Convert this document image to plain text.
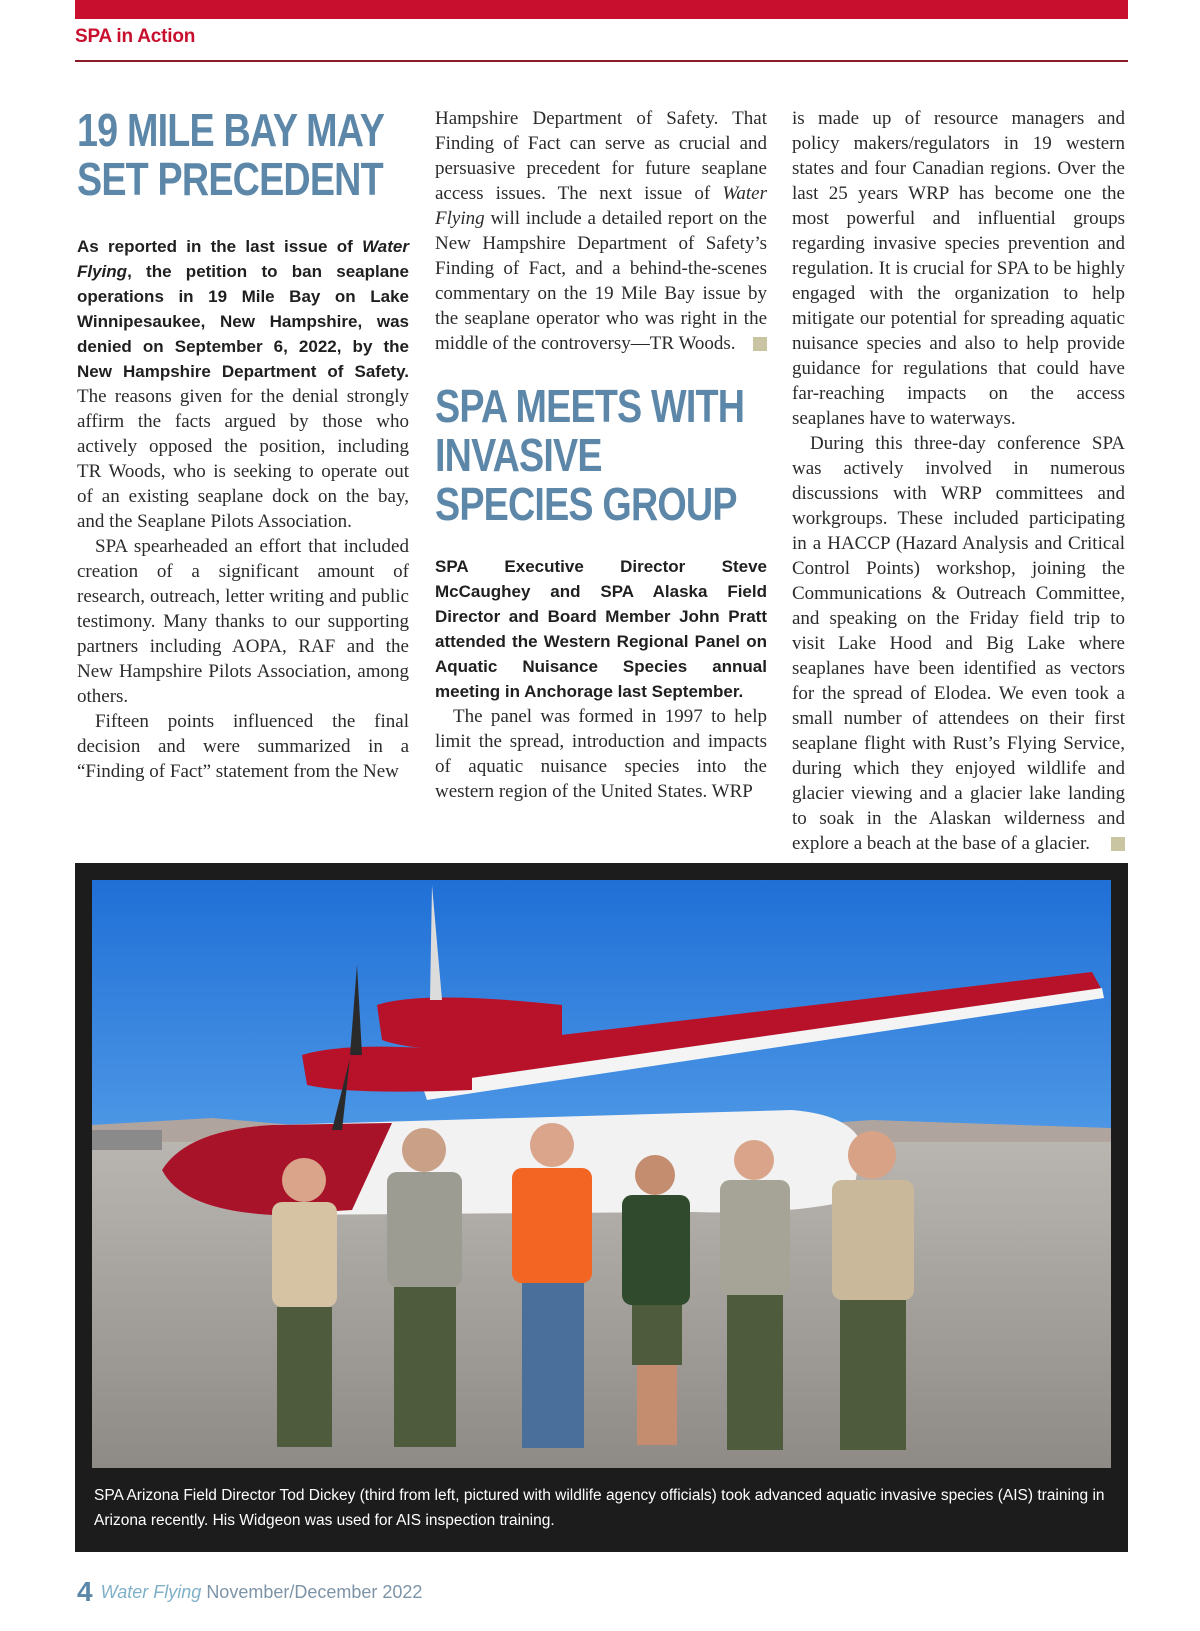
SPA in Action
19 MILE BAY MAY SET PRECEDENT

As reported in the last issue of Water Flying, the petition to ban seaplane operations in 19 Mile Bay on Lake Winnipesaukee, New Hampshire, was denied on September 6, 2022, by the New Hampshire Department of Safety. The reasons given for the denial strongly affirm the facts argued by those who actively opposed the position, including TR Woods, who is seeking to operate out of an existing seaplane dock on the bay, and the Seaplane Pilots Association.

SPA spearheaded an effort that included creation of a significant amount of research, outreach, letter writing and public testimony. Many thanks to our supporting partners including AOPA, RAF and the New Hampshire Pilots Association, among others.

Fifteen points influenced the final decision and were summarized in a “Finding of Fact” statement from the New

Hampshire Department of Safety. That Finding of Fact can serve as crucial and persuasive precedent for future seaplane access issues. The next issue of Water Flying will include a detailed report on the New Hampshire Department of Safety’s Finding of Fact, and a behind-the-scenes commentary on the 19 Mile Bay issue by the seaplane operator who was right in the middle of the controversy—TR Woods.

SPA MEETS WITH INVASIVE SPECIES GROUP

SPA Executive Director Steve McCaughey and SPA Alaska Field Director and Board Member John Pratt attended the Western Regional Panel on Aquatic Nuisance Species annual meeting in Anchorage last September.

The panel was formed in 1997 to help limit the spread, introduction and impacts of aquatic nuisance species into the western region of the United States. WRP

is made up of resource managers and policy makers/regulators in 19 western states and four Canadian regions. Over the last 25 years WRP has become one the most powerful and influential groups regarding invasive species prevention and regulation. It is crucial for SPA to be highly engaged with the organization to help mitigate our potential for spreading aquatic nuisance species and also to help provide guidance for regulations that could have far-reaching impacts on the access seaplanes have to waterways.

During this three-day conference SPA was actively involved in numerous discussions with WRP committees and workgroups. These included participating in a HACCP (Hazard Analysis and Critical Control Points) workshop, joining the Communications & Outreach Committee, and speaking on the Friday field trip to visit Lake Hood and Big Lake where seaplanes have been identified as vectors for the spread of Elodea. We even took a small number of attendees on their first seaplane flight with Rust’s Flying Service, during which they enjoyed wildlife and glacier viewing and a glacier lake landing to soak in the Alaskan wilderness and explore a beach at the base of a glacier.

SPA Arizona Field Director Tod Dickey (third from left, pictured with wildlife agency officials) took advanced aquatic invasive species (AIS) training in Arizona recently. His Widgeon was used for AIS inspection training.
4 Water Flying November/December 2022
